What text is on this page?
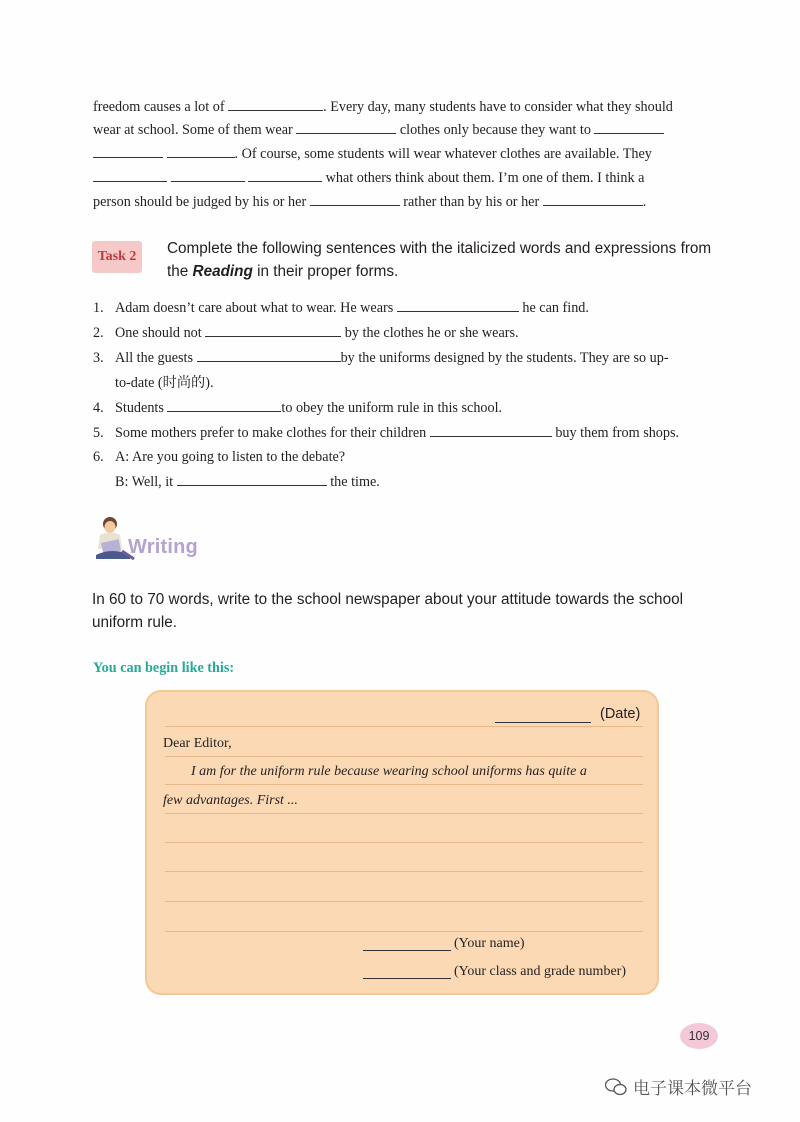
freedom causes a lot of	. Every day, many students have to consider what they should
wear at school. Some of them wear	clothes only because they want to
. Of course, some students will wear whatever clothes are available. They
what others think about them. I’m one of them. I think a
person should be judged by his or her	rather than by his or her	.
Task 2	Complete the following sentences with the italicized words and expressions from the Reading in their proper forms.
1. Adam doesn’t care about what to wear. He wears	he can find.
2. One should not	by the clothes he or she wears.
3. All the guests	by the uniforms designed by the students. They are so up-
to-date (时尚的).
4. Students	to obey the uniform rule in this school.
5. Some mothers prefer to make clothes for their children	buy them from shops.
6. A: Are you going to listen to the debate?
B: Well, it	the time.
Writing
In 60 to 70 words, write to the school newspaper about your attitude towards the school uniform rule.
You can begin like this:
(Date)
Dear Editor,
I am for the uniform rule because wearing school uniforms has quite a
few advantages. First ...
(Your name)
(Your class and grade number)
109
电子课本微平台
